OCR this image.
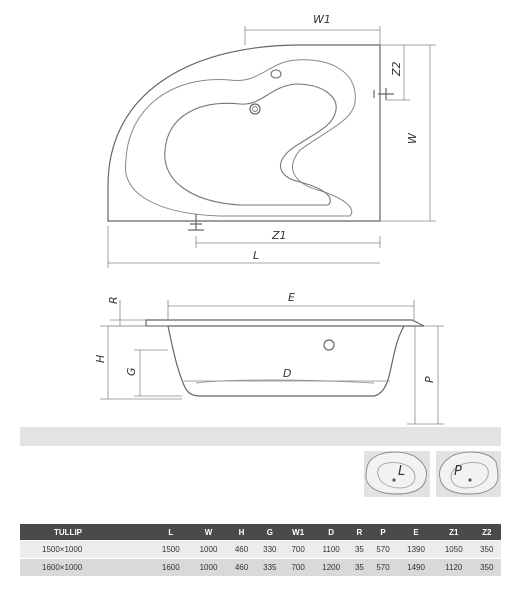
W1
Z2
W
Z1
L
E
R
H
G	D	P
L	P
TULLIP	L	W	H	G	W1	D	R	P	E	Z1	Z2
1500×1000	1500	1000	460	330	700	1100	35	570	1390	1050	350
1600×1000	1600	1000	460	335	700	1200	35	570	1490	1120	350
